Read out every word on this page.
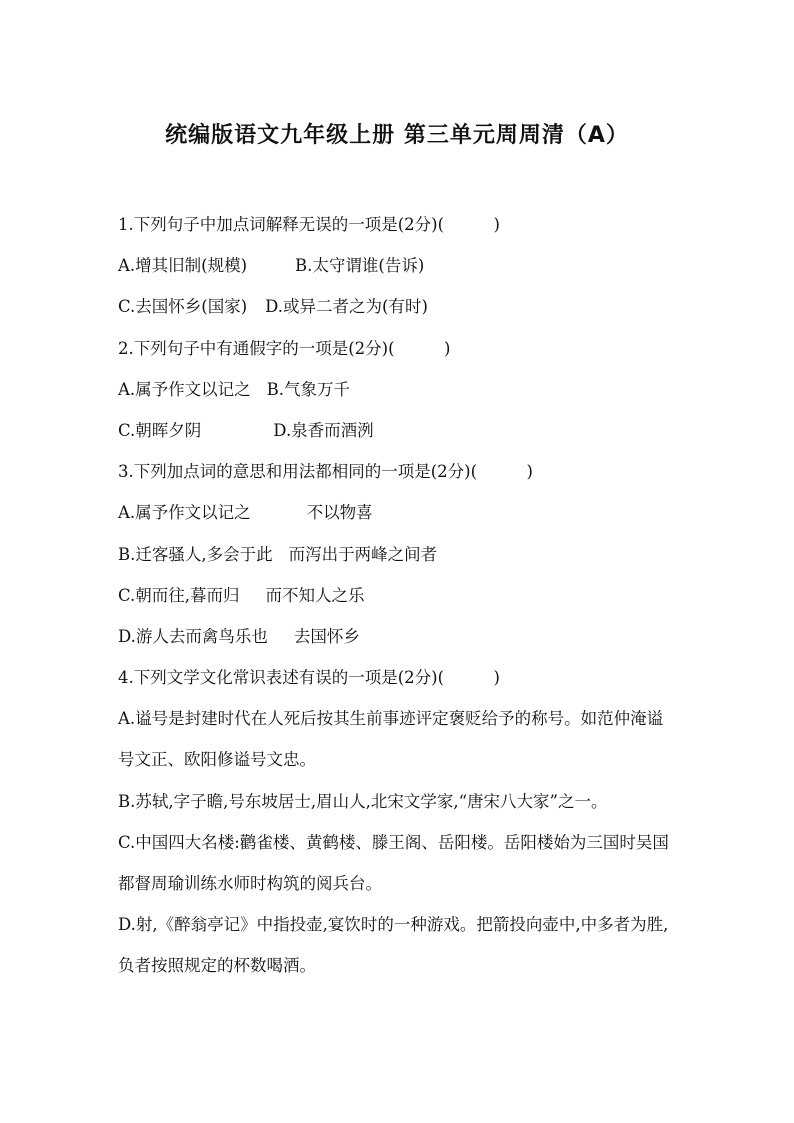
统编版语文九年级上册 第三单元周周清（A）
1.下列句子中加点词解释无误的一项是(2分)(　　　)
A.增其旧制(规模)	B.太守谓谁(告诉)
C.去国怀乡(国家) D.或异二者之为(有时)
2.下列句子中有通假字的一项是(2分)(　　　)
A.属予作文以记之 B.气象万千
C.朝晖夕阴	D.泉香而酒洌
3.下列加点词的意思和用法都相同的一项是(2分)(　　　)
A.属予作文以记之	不以物喜
B.迁客骚人,多会于此 而泻出于两峰之间者
C.朝而往,暮而归 而不知人之乐
D.游人去而禽鸟乐也 去国怀乡
4.下列文学文化常识表述有误的一项是(2分)(　　　)
A.谥号是封建时代在人死后按其生前事迹评定褒贬给予的称号。如范仲淹谥号文正、欧阳修谥号文忠。
B.苏轼,字子瞻,号东坡居士,眉山人,北宋文学家,“唐宋八大家”之一。
C.中国四大名楼:鹳雀楼、黄鹤楼、滕王阁、岳阳楼。岳阳楼始为三国时吴国都督周瑜训练水师时构筑的阅兵台。
D.射,《醉翁亭记》中指投壶,宴饮时的一种游戏。把箭投向壶中,中多者为胜,负者按照规定的杯数喝酒。
